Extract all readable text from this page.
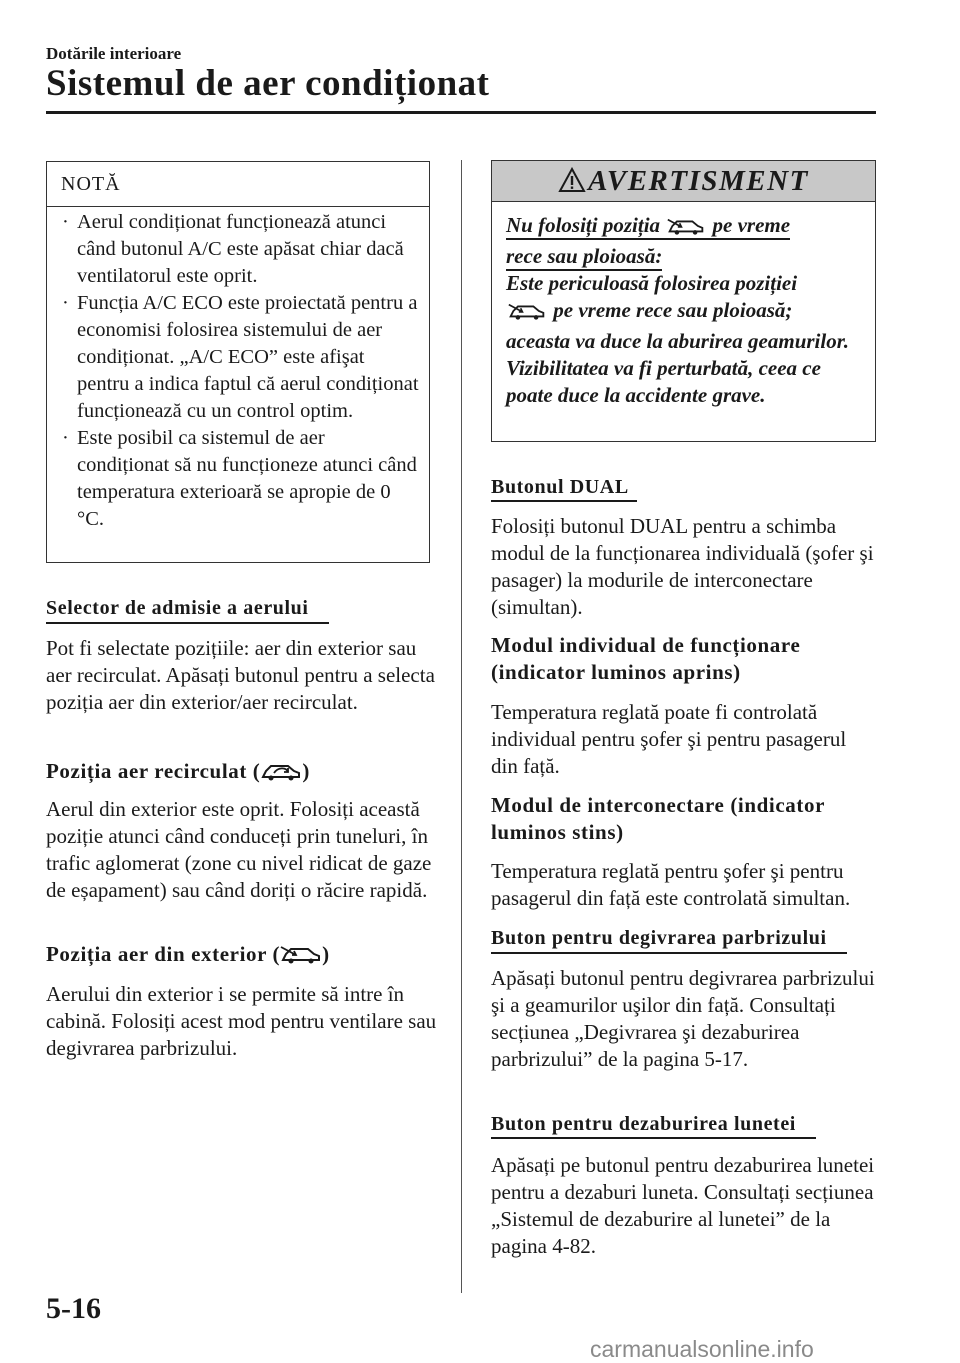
Dotările interioare
Sistemul de aer condiționat
NOTĂ
· Aerul condiționat funcționează atunci când butonul A/C este apăsat chiar dacă ventilatorul este oprit.
· Funcția A/C ECO este proiectată pentru a economisi folosirea sistemului de aer condiționat. „A/C ECO” este afişat pentru a indica faptul că aerul condiționat funcționează cu un control optim.
· Este posibil ca sistemul de aer condiționat să nu funcționeze atunci când temperatura exterioară se apropie de 0 °C.
Selector de admisie a aerului
Pot fi selectate pozițiile: aer din exterior sau aer recirculat. Apăsați butonul pentru a selecta poziția aer din exterior/aer recirculat.
Poziția aer recirculat ( )
Aerul din exterior este oprit. Folosiți această poziție atunci când conduceți prin tuneluri, în trafic aglomerat (zone cu nivel ridicat de gaze de eșapament) sau când doriți o răcire rapidă.
Poziția aer din exterior ( )
Aerului din exterior i se permite să intre în cabină. Folosiți acest mod pentru ventilare sau degivrarea parbrizului.
AVERTISMENT
Nu folosiți poziția	pe vreme
rece sau ploioasă:
Este periculoasă folosirea poziției
pe vreme rece sau ploioasă;
aceasta va duce la aburirea geamurilor. Vizibilitatea va fi perturbată, ceea ce poate duce la accidente grave.
Butonul DUAL
Folosiți butonul DUAL pentru a schimba modul de la funcționarea individuală (şofer şi pasager) la modurile de interconectare (simultan).
Modul individual de funcționare (indicator luminos aprins)
Temperatura reglată poate fi controlată individual pentru şofer şi pentru pasagerul din față.
Modul de interconectare (indicator luminos stins)
Temperatura reglată pentru şofer şi pentru pasagerul din față este controlată simultan.
Buton pentru degivrarea parbrizului
Apăsați butonul pentru degivrarea parbrizului şi a geamurilor uşilor din față. Consultați secțiunea „Degivrarea şi dezaburirea parbrizului” de la pagina 5-17.
Buton pentru dezaburirea lunetei
Apăsați pe butonul pentru dezaburirea lunetei pentru a dezaburi luneta. Consultați secțiunea „Sistemul de dezaburire al lunetei” de la pagina 4-82.
5-16
carmanualsonline.info
